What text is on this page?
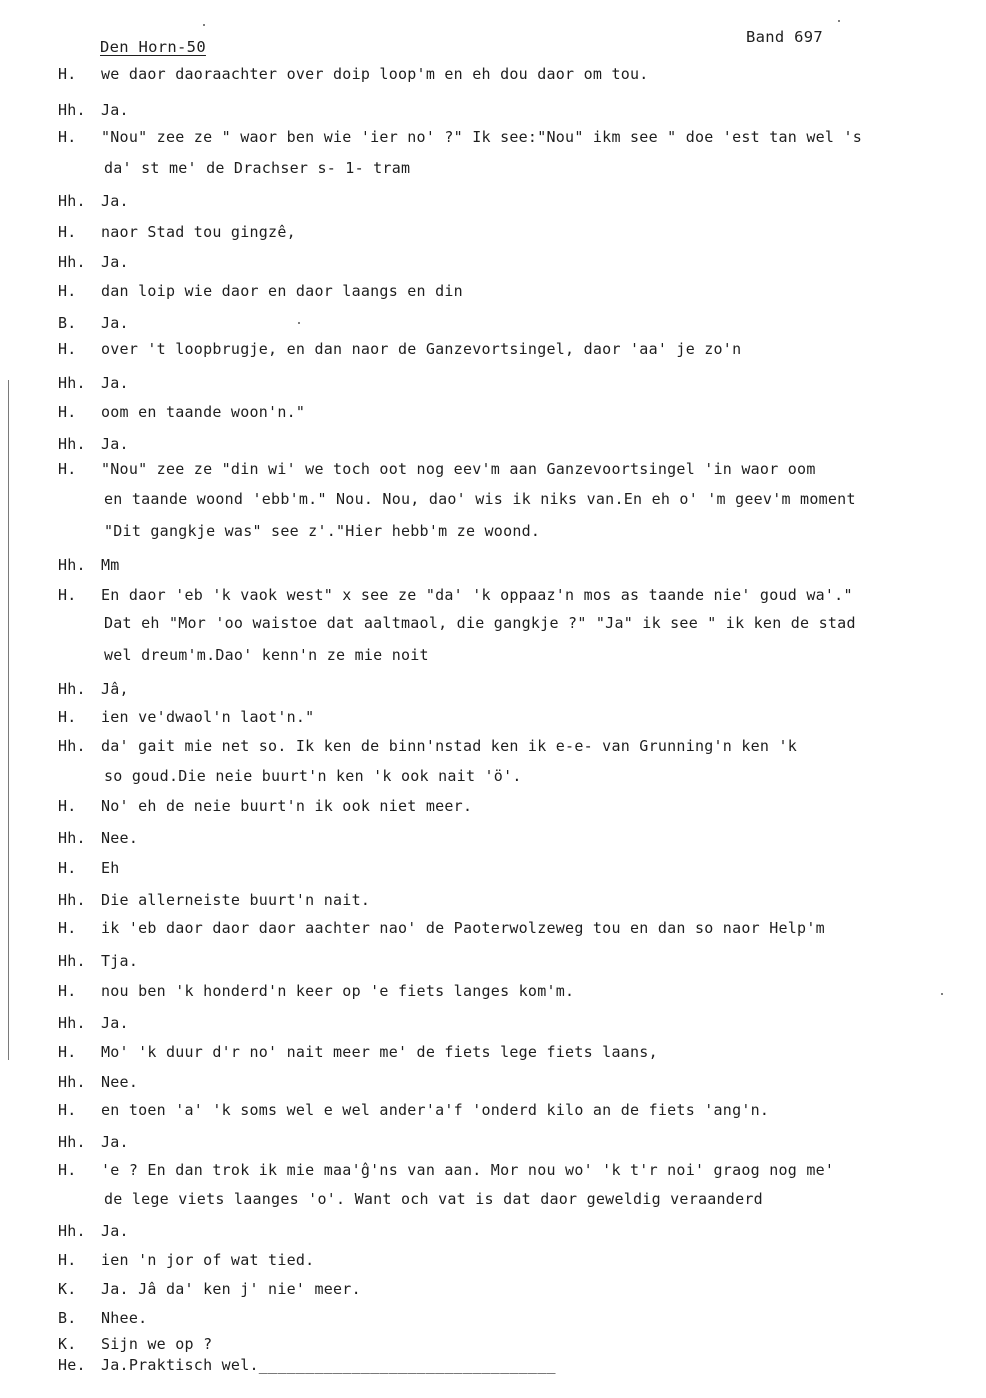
Den Horn-50
Band 697
H. we daor daoraachter over doip loop'm en eh dou daor om tou.
Hh. Ja.
H. "Nou" zee ze " waor ben wie 'ier no' ?" Ik see:"Nou" ikm see " doe 'est tan wel 's
da' st me' de Drachser s- 1- tram
Hh. Ja.
H. naor Stad tou gingzê,
Hh. Ja.
H. dan loip wie daor en daor laangs en din
B. Ja.
H. over 't loopbrugje, en dan naor de Ganzevortsingel, daor 'aa' je zo'n
Hh. Ja.
H. oom en taande woon'n."
Hh. Ja.
H. "Nou" zee ze "din wi' we toch oot nog eev'm aan Ganzevoortsingel 'in waor oom
en taande woond 'ebb'm." Nou. Nou, dao' wis ik niks van.En eh o' 'm geev'm moment
"Dit gangkje was" see z'."Hier hebb'm ze woond.
Hh. Mm
H. En daor 'eb 'k vaok west" x see ze "da' 'k oppaaz'n mos as taande nie' goud wa'."
Dat eh "Mor 'oo waistoe dat aaltmaol, die gangkje ?" "Ja" ik see " ik ken de stad
wel dreum'm.Dao' kenn'n ze mie noit
Hh. Jâ,
H. ien ve'dwaol'n laot'n."
Hh. da' gait mie net so. Ik ken de binn'nstad ken ik e-e- van Grunning'n ken 'k
so goud.Die neie buurt'n ken 'k ook nait 'ö'.
H. No' eh de neie buurt'n ik ook niet meer.
Hh. Nee.
H. Eh
Hh. Die allerneiste buurt'n nait.
H. ik 'eb daor daor daor aachter nao' de Paoterwolzeweg tou en dan so naor Help'm
Hh. Tja.
H. nou ben 'k honderd'n keer op 'e fiets langes kom'm.
Hh. Ja.
H. Mo' 'k duur d'r no' nait meer me' de fiets lege fiets laans,
Hh. Nee.
H. en toen 'a' 'k soms wel e wel ander'a'f 'onderd kilo an de fiets 'ang'n.
Hh. Ja.
H. 'e ? En dan trok ik mie maa'ĝ'ns van aan. Mor nou wo' 'k t'r noi' graog nog me'
de lege viets laanges 'o'. Want och vat is dat daor geweldig veraanderd
Hh. Ja.
H. ien 'n jor of wat tied.
K. Ja. Jâ da' ken j' nie' meer.
B. Nhee.
K. Sijn we op ?
He. Ja.Praktisch wel.________________________________
